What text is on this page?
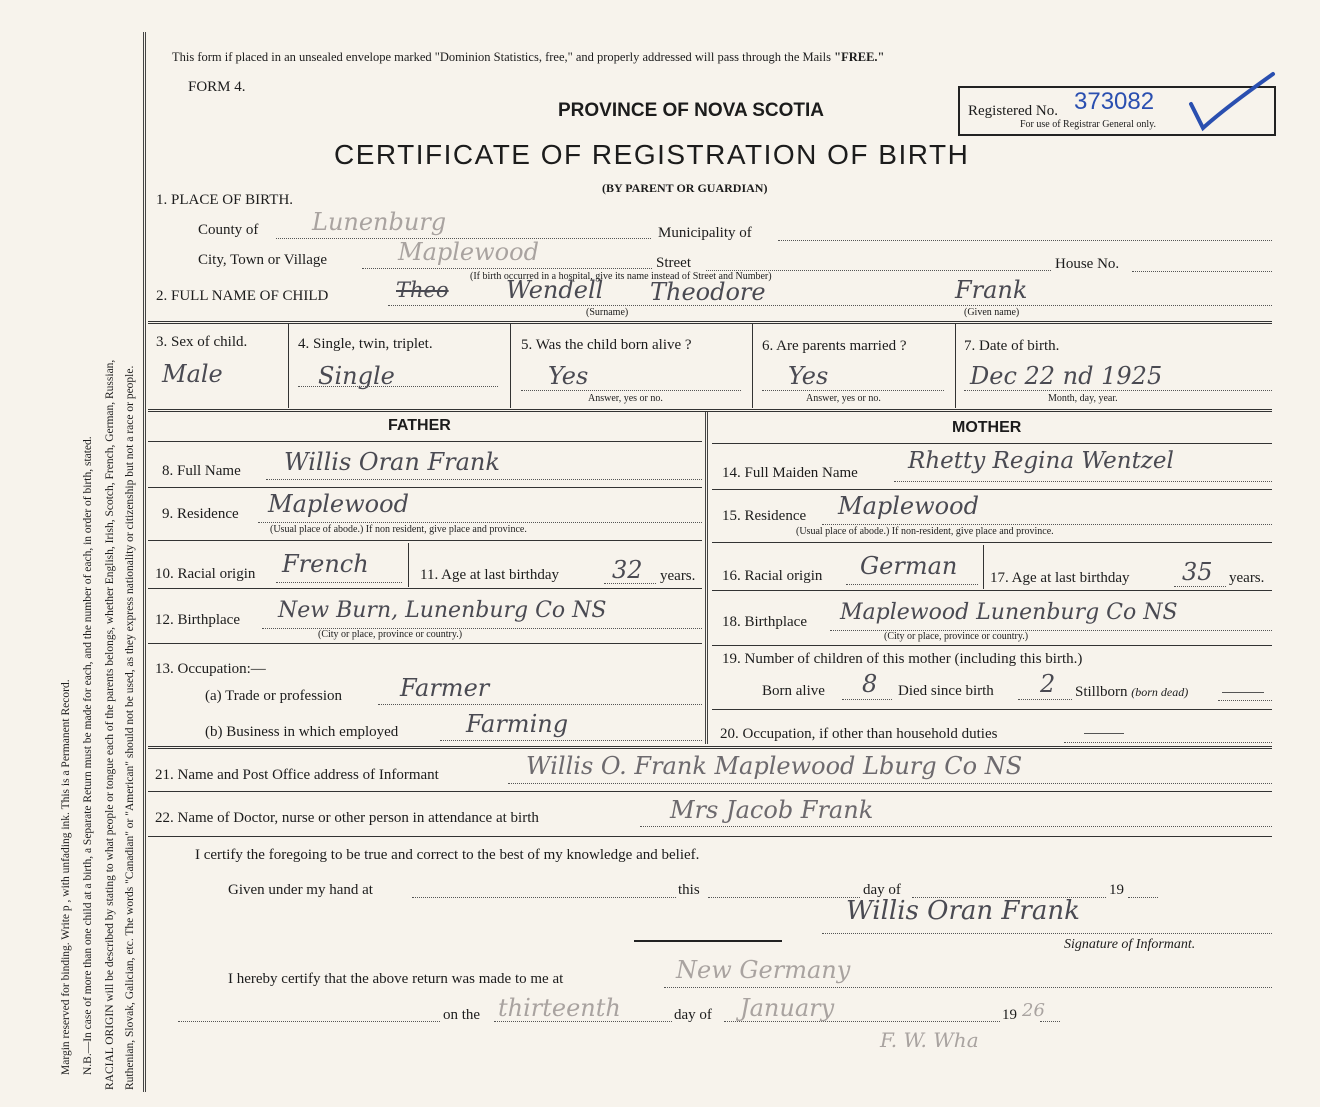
Margin reserved for binding. Write p , with unfading ink. This is a Permanent Record. N.B.—In case of more than one child at a birth, a Separate Return must be made for each, and the number of each, in order of birth, stated. RACIAL ORIGIN will be described by stating to what people or tongue each of the parents belongs, whether English, Irish, Scotch, French, German, Russian, Ruthenian, Slovak, Galician, etc. The words "Canadian" or "American" should not be used, as they express nationality or citizenship but not a race or people.
This form if placed in an unsealed envelope marked "Dominion Statistics, free," and properly addressed will pass through the Mails "FREE."
FORM 4.
PROVINCE OF NOVA SCOTIA
CERTIFICATE OF REGISTRATION OF BIRTH
(BY PARENT OR GUARDIAN)
Registered No. 373082
For use of Registrar General only.
1. PLACE OF BIRTH.
County of Lunenburg	Municipality of
City, Town or Village	Maplewood	Street	House No.
(If birth occurred in a hospital, give its name instead of Street and Number)
2. FULL NAME OF CHILD	Theo Wendell Theodore	Frank
(Surname)	(Given name)
3. Sex of child.
Male
4. Single, twin, triplet.
Single
5. Was the child born alive ?
Yes
Answer, yes or no.
6. Are parents married ?
Yes
Answer, yes or no.
7. Date of birth.
Dec 22 nd 1925
Month, day, year.
FATHER	MOTHER
8. Full Name Willis Oran Frank	14. Full Maiden Name Rhetty Regina Wentzel
9. Residence Maplewood
(Usual place of abode.) If non resident, give place and province.
15. Residence Maplewood
(Usual place of abode.) If non-resident, give place and province.
10. Racial origin French	11. Age at last birthday 32 years. 16. Racial origin German 17. Age at last birthday 35 years.
12. Birthplace New Burn, Lunenburg Co NS
(City or place, province or country.)
18. Birthplace Maplewood Lunenburg Co NS
(City or place, province or country.)
13. Occupation:—
(a) Trade or profession Farmer
(b) Business in which employed	Farming
19. Number of children of this mother (including this birth.)
Born alive 8 Died since birth 2 Stillborn (born dead)
20. Occupation, if other than household duties
21. Name and Post Office address of Informant	Willis O. Frank Maplewood Lburg Co NS
22. Name of Doctor, nurse or other person in attendance at birth	Mrs Jacob Frank
I certify the foregoing to be true and correct to the best of my knowledge and belief.
Given under my hand at	this	day of	19
Willis Oran Frank
Signature of Informant.
I hereby certify that the above return was made to me at	New Germany
on the thirteenth	day of January	19 26
F. W. Wha
